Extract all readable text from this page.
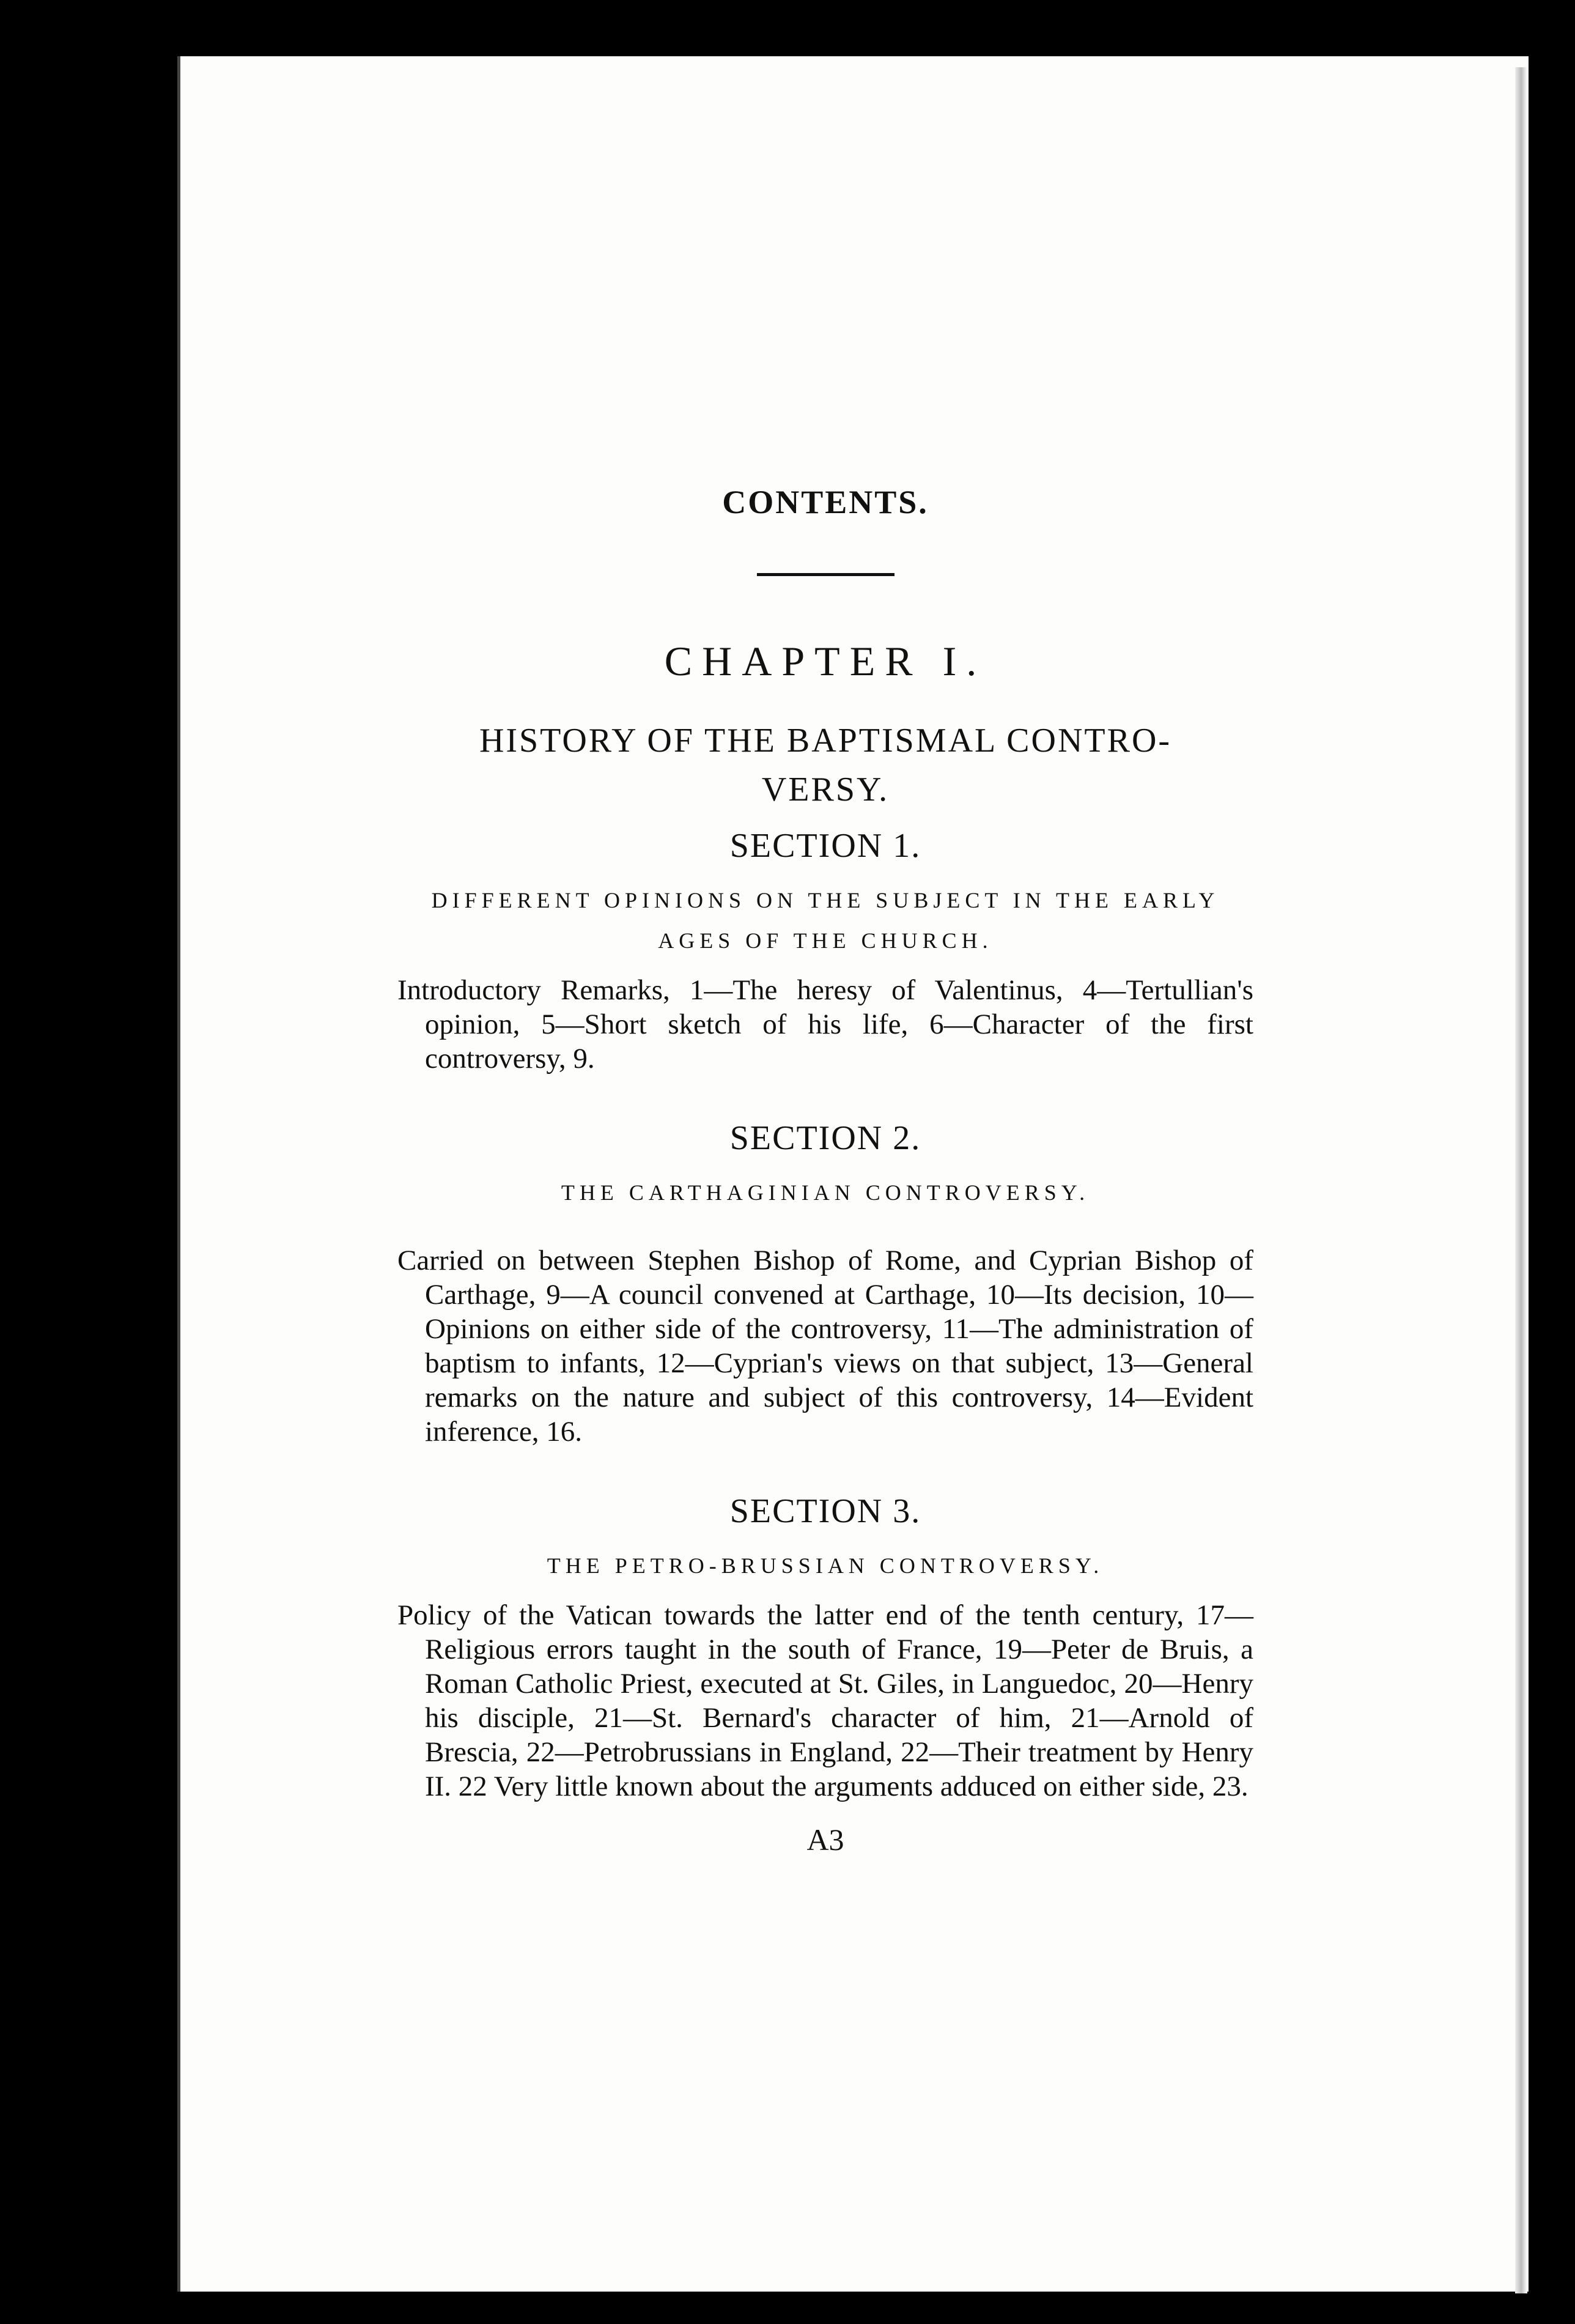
CONTENTS.
CHAPTER I.
HISTORY OF THE BAPTISMAL CONTRO-
VERSY.
SECTION 1.
DIFFERENT OPINIONS ON THE SUBJECT IN THE EARLY
AGES OF THE CHURCH.
Introductory Remarks, 1—The heresy of Valentinus, 4—Tertullian's opinion, 5—Short sketch of his life, 6—Character of the first controversy, 9.
SECTION 2.
THE CARTHAGINIAN CONTROVERSY.
Carried on between Stephen Bishop of Rome, and Cyprian Bishop of Carthage, 9—A council convened at Carthage, 10—Its decision, 10—Opinions on either side of the controversy, 11—The administration of baptism to infants, 12—Cyprian's views on that subject, 13—General remarks on the nature and subject of this controversy, 14—Evident inference, 16.
SECTION 3.
THE PETRO-BRUSSIAN CONTROVERSY.
Policy of the Vatican towards the latter end of the tenth century, 17—Religious errors taught in the south of France, 19—Peter de Bruis, a Roman Catholic Priest, executed at St. Giles, in Languedoc, 20—Henry his disciple, 21—St. Bernard's character of him, 21—Arnold of Brescia, 22—Petrobrussians in England, 22—Their treatment by Henry II. 22 Very little known about the arguments adduced on either side, 23.
A3
